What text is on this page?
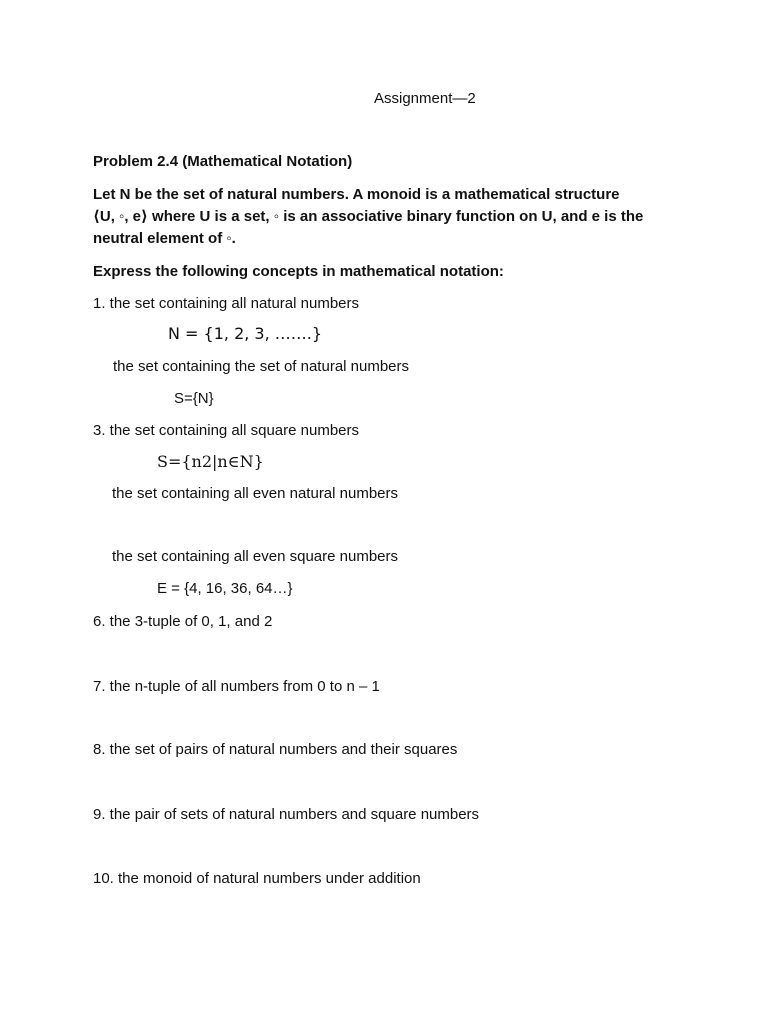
Assignment—2
Problem 2.4 (Mathematical Notation)
Let N be the set of natural numbers. A monoid is a mathematical structure
⟨U, ◦, e⟩ where U is a set, ◦ is an associative binary function on U, and e is the
neutral element of ◦.
Express the following concepts in mathematical notation:
1. the set containing all natural numbers
N = {1, 2, 3, …….}
the set containing the set of natural numbers
S={N}
3. the set containing all square numbers
S={n2|n∈N}
the set containing all even natural numbers
the set containing all even square numbers
E = {4, 16, 36, 64…}
6. the 3-tuple of 0, 1, and 2
7. the n-tuple of all numbers from 0 to n – 1
8. the set of pairs of natural numbers and their squares
9. the pair of sets of natural numbers and square numbers
10. the monoid of natural numbers under addition
